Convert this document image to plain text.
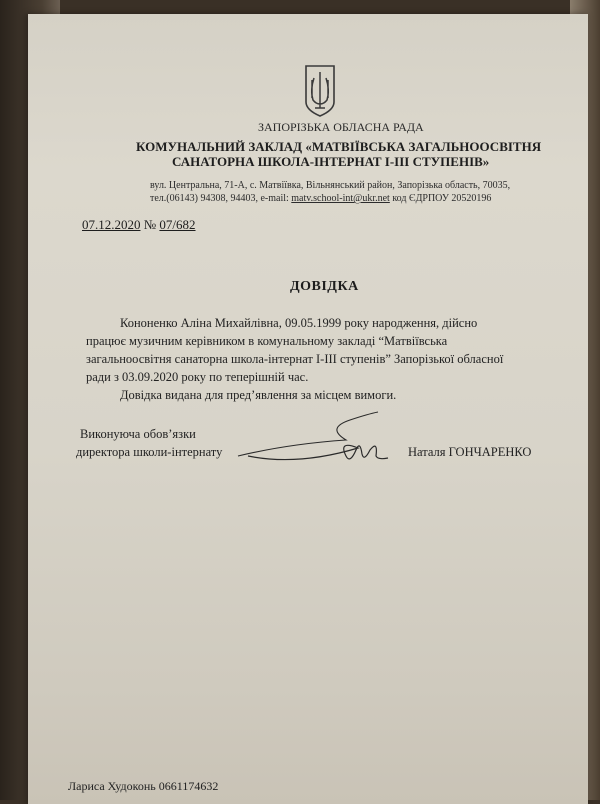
ЗАПОРІЗЬКА ОБЛАСНА РАДА
КОМУНАЛЬНИЙ ЗАКЛАД «МАТВІЇВСЬКА ЗАГАЛЬНООСВІТНЯ
САНАТОРНА ШКОЛА-ІНТЕРНАТ І-ІІІ СТУПЕНІВ»
вул. Центральна, 71-А, с. Матвіївка, Вільнянський район, Запорізька область, 70035,
тел.(06143) 94308, 94403, e-mail: matv.school-int@ukr.net код ЄДРПОУ 20520196
07.12.2020 № 07/682
ДОВІДКА
Кононенко Аліна Михайлівна, 09.05.1999 року народження, дійсно
працює музичним керівником в комунальному закладі “Матвіївська
загальноосвітня санаторна школа-інтернат І-ІІІ ступенів” Запорізької обласної
ради з 03.09.2020 року по теперішній час.
Довідка видана для пред’явлення за місцем вимоги.
Виконуюча обов’язки
директора школи-інтернату	Наталя ГОНЧАРЕНКО
Лариса Худоконь 0661174632
